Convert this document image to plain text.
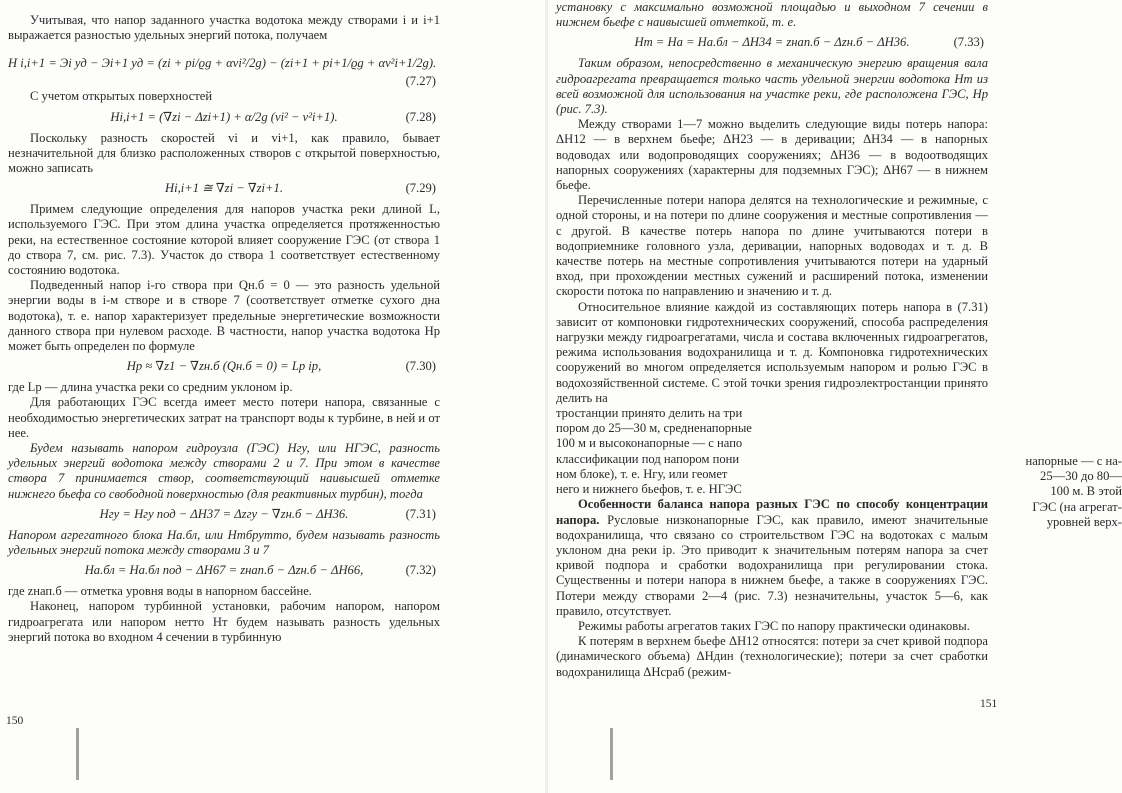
Учитывая, что напор заданного участка водотока между створами i и i+1 выражается разностью удельных энергий потока, получаем

H i,i+1 = Эi уд − Эi+1 уд = (zi + pi/ϱg + αvi²/2g) − (zi+1 + pi+1/ϱg + αv²i+1/2g).
(7.27)

С учетом открытых поверхностей

Hi,i+1 = (∇zi − Δzi+1) + α/2g (vi² − v²i+1).	(7.28)

Поскольку разность скоростей vi и vi+1, как правило, бывает незначительной для близко расположенных створов с открытой поверхностью, можно записать

Hi,i+1 ≅ ∇zi − ∇zi+1.	(7.29)

Примем следующие определения для напоров участка реки длиной L, используемого ГЭС. При этом длина участка определяется протяженностью реки, на естественное состояние которой влияет сооружение ГЭС (от створа 1 до створа 7, см. рис. 7.3). Участок до створа 1 соответствует естественному состоянию водотока.

Подведенный напор i-го створа при Qн.б = 0 — это разность удельной энергии воды в i-м створе и в створе 7 (соответствует отметке сухого дна водотока), т. е. напор характеризует предельные энергетические возможности данного створа при нулевом расходе. В частности, напор участка водотока Hр может быть определен по формуле

Hр ≈ ∇z1 − ∇zн.б (Qн.б = 0) = Lр iр,	(7.30)

где Lр — длина участка реки со средним уклоном iр.

Для работающих ГЭС всегда имеет место потери напора, связанные с необходимостью энергетических затрат на транспорт воды к турбине, в ней и от нее.

Будем называть напором гидроузла (ГЭС) Hгу, или HГЭС, разность удельных энергий водотока между створами 2 и 7. При этом в качестве створа 7 принимается створ, соответствующий наивысшей отметке нижнего бьефа со свободной поверхностью (для реактивных турбин), тогда

Hгу = Hгу под − ΔH37 = Δzгу − ∇zн.б − ΔH36.	(7.31)

Напором агрегатного блока Hа.бл, или Hтбрутто, будем называть разность удельных энергий потока между створами 3 и 7

Hа.бл = Hа.бл под − ΔH67 = zнап.б − Δzн.б − ΔH66,	(7.32)

где zнап.б — отметка уровня воды в напорном бассейне.

Наконец, напором турбинной установки, рабочим напором, напором гидроагрегата или напором нетто Hт будем называть разность удельных энергий потока во входном 4 сечении в турбинную

150

установку с максимально возможной площадью и выходном 7 сечении в нижнем бьефе с наивысшей отметкой, т. е.

Hт = Hа = Hа.бл − ΔH34 = zнап.б − Δzн.б − ΔH36.	(7.33)

Таким образом, непосредственно в механическую энергию вращения вала гидроагрегата превращается только часть удельной энергии водотока Hт из всей возможной для использования на участке реки, где расположена ГЭС, Hр (рис. 7.3).

Между створами 1—7 можно выделить следующие виды потерь напора: ΔH12 — в верхнем бьефе; ΔH23 — в деривации; ΔH34 — в напорных водоводах или водопроводящих сооружениях; ΔH36 — в водоотводящих напорных сооружениях (характерны для подземных ГЭС); ΔH67 — в нижнем бьефе.

Перечисленные потери напора делятся на технологические и режимные, с одной стороны, и на потери по длине сооружения и местные сопротивления — с другой. В качестве потерь напора по длине учитываются потери в водоприемнике головного узла, деривации, напорных водоводах и т. д. В качестве потерь на местные сопротивления учитываются потери на ударный вход, при прохождении местных сужений и расширений потока, изменении скорости потока по направлению и значению и т. д.

Относительное влияние каждой из составляющих потерь напора в (7.31) зависит от компоновки гидротехнических сооружений, способа распределения нагрузки между гидроагрегатами, числа и состава включенных гидроагрегатов, режима использования водохранилища и т. д. Компоновка гидротехнических сооружений во многом определяется используемым напором и ролью ГЭС в водохозяйственной системе. С этой точки зрения гидроэлектростанции принято делить на

тростанции принято делить на три

пором до 25—30 м, средненапорные

100 м и высоконапорные — с напо

классификации под напором пони

ном блоке), т. е. Hгу, или геомет

него и нижнего бьефов, т. е. HГЭС

Особенности баланса напора разных ГЭС по способу концентрации напора. Русловые низконапорные ГЭС, как правило, имеют значительные водохранилища, что связано со строительством ГЭС на водотоках с малым уклоном дна реки iр. Это приводит к значительным потерям напора за счет кривой подпора и сработки водохранилища при регулировании стока. Существенны и потери напора в нижнем бьефе, а также в сооружениях ГЭС. Потери между створами 2—4 (рис. 7.3) незначительны, участок 5—6, как правило, отсутствует.

Режимы работы агрегатов таких ГЭС по напору практически одинаковы.

К потерям в верхнем бьефе ΔH12 относятся: потери за счет кривой подпора (динамического объема) ΔHдин (технологические); потери за счет сработки водохранилища ΔHсраб (режим-

напорные — с на-

25—30 до 80—

100 м. В этой

ГЭС (на агрегат-

уровней верх-

151
